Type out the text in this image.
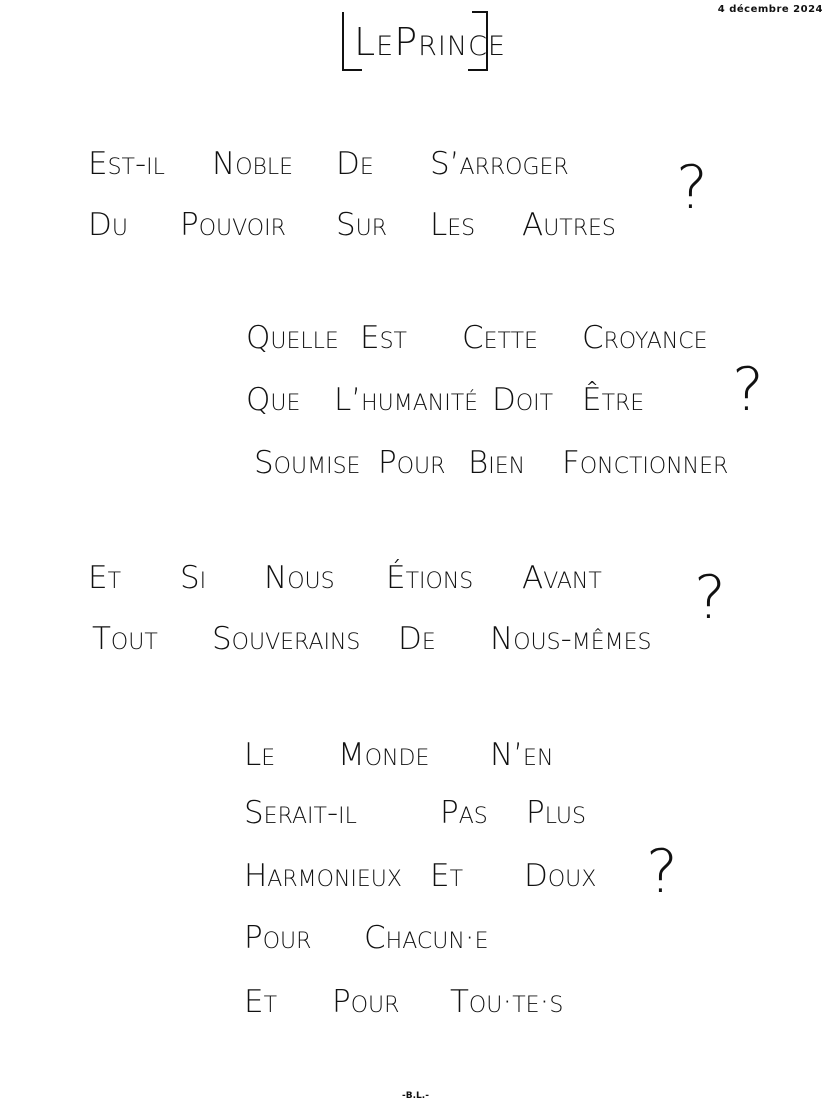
LePrince
4 décembre 2024
Est-il Noble De S’arroger
Du Pouvoir Sur Les Autres
?
Quelle Est Cette Croyance
Que L’humanité Doit Être
Soumise Pour Bien Fonctionner
?
Et Si Nous Étions Avant
Tout Souverains De Nous-mêmes
?
Le Monde N’en
Serait-il	Pas Plus
Harmonieux Et Doux
Pour Chacun·e
Et Pour Tou·te·s
?
-B.L.-
